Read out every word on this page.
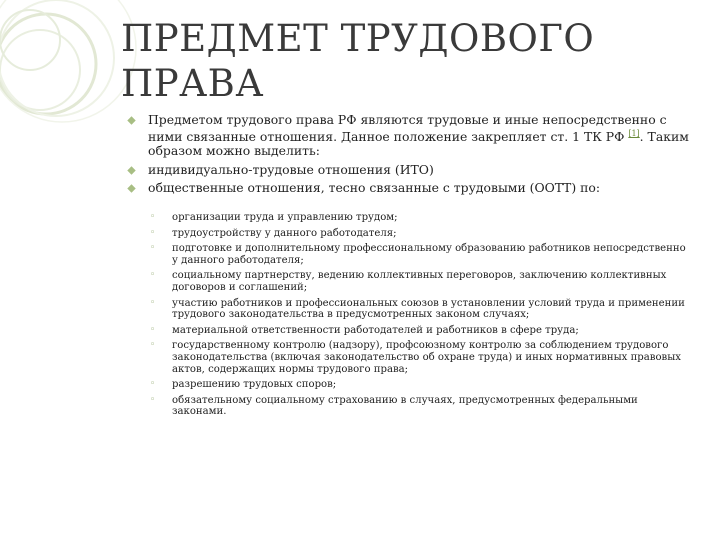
ПРЕДМЕТ ТРУДОВОГО ПРАВА
Предметом трудового права РФ являются трудовые и иные непосредственно с ними связанные отношения. Данное положение закрепляет ст. 1 ТК РФ [1]. Таким образом можно выделить:
индивидуально-трудовые отношения (ИТО)
общественные отношения, тесно связанные с трудовыми (ООТТ) по:
◦ организации труда и управлению трудом;
◦ трудоустройству у данного работодателя;
◦ подготовке и дополнительному профессиональному образованию работников непосредственно у данного работодателя;
◦ социальному партнерству, ведению коллективных переговоров, заключению коллективных договоров и соглашений;
◦ участию работников и профессиональных союзов в установлении условий труда и применении трудового законодательства в предусмотренных законом случаях;
◦ материальной ответственности работодателей и работников в сфере труда;
◦ государственному контролю (надзору), профсоюзному контролю за соблюдением трудового законодательства (включая законодательство об охране труда) и иных нормативных правовых актов, содержащих нормы трудового права;
◦ разрешению трудовых споров;
◦ обязательному социальному страхованию в случаях, предусмотренных федеральными законами.
